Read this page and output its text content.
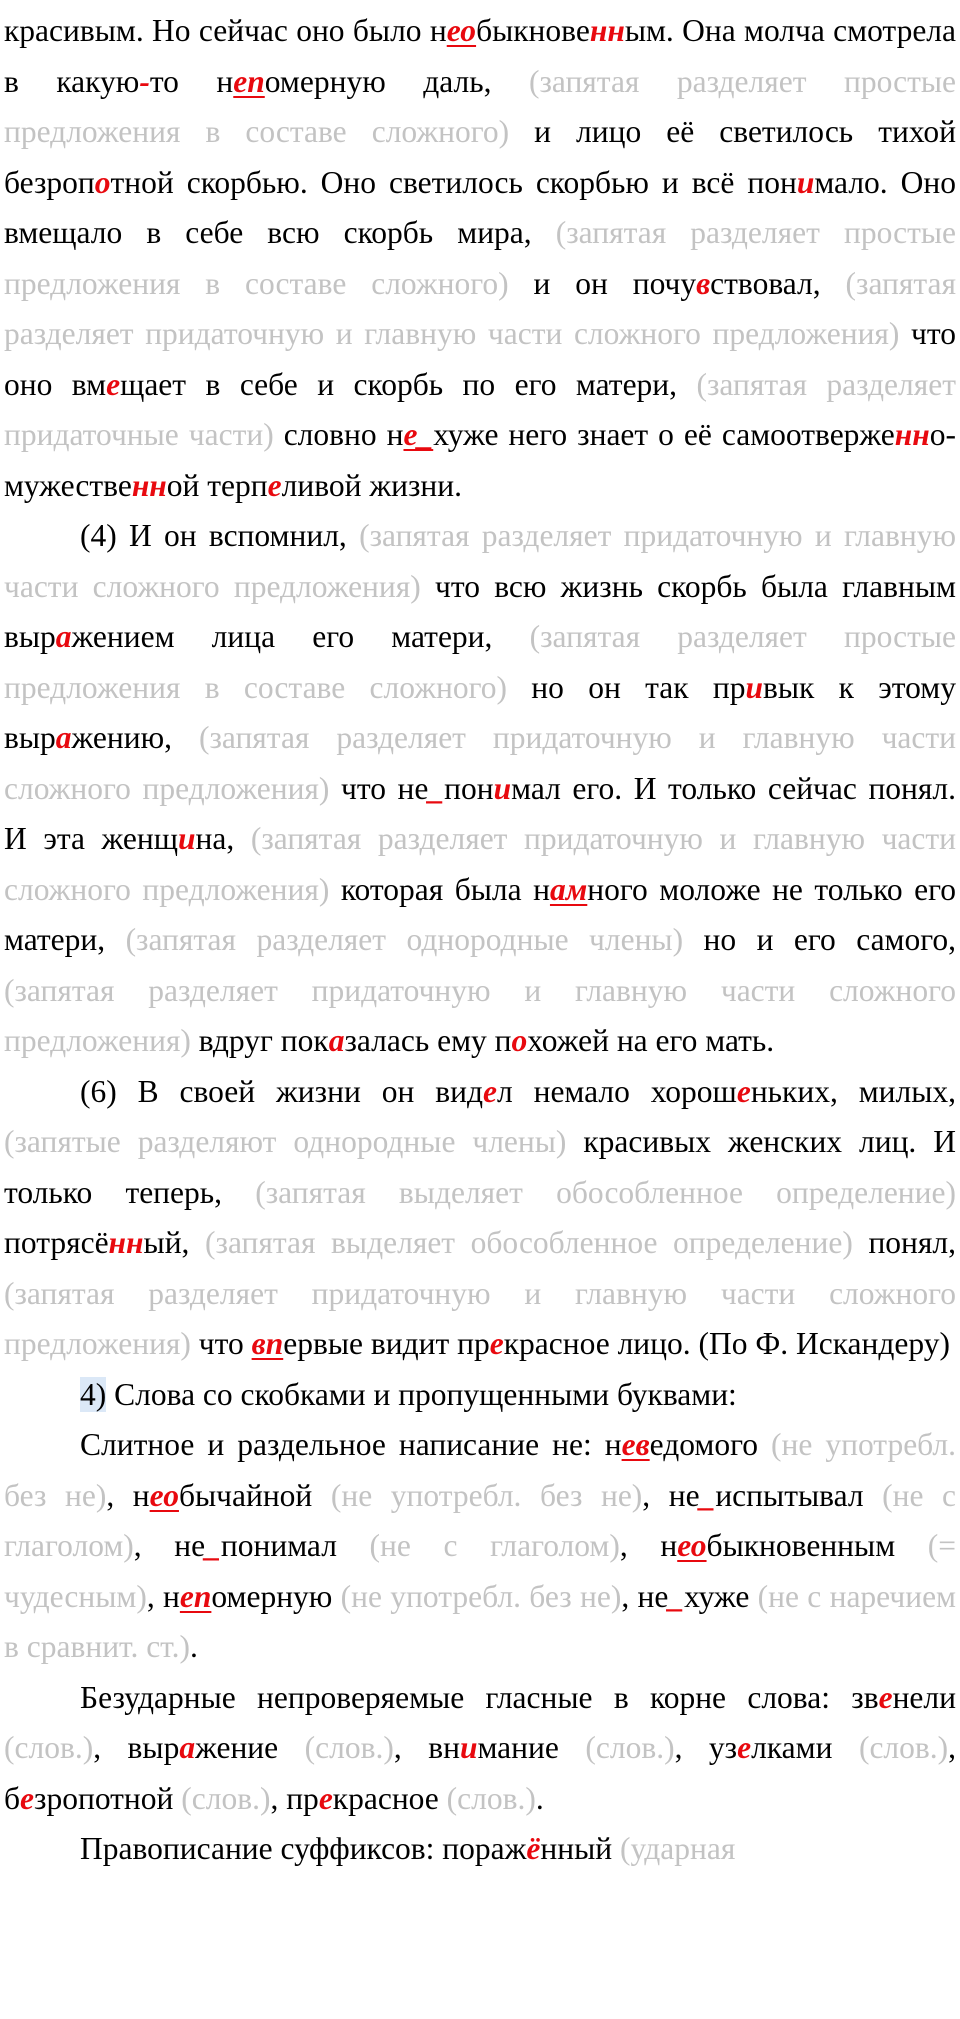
красивым. Но сейчас оно было необыкновенным. Она молча смотрела в какую-то непомерную даль, (запятая разделяет простые предложения в составе сложного) и лицо её светилось тихой безропотной скорбью. Оно светилось скорбью и всё понимало. Оно вмещало в себе всю скорбь мира, (запятая разделяет простые предложения в составе сложного) и он почувствовал, (запятая разделяет придаточную и главную части сложного предложения) что оно вмещает в себе и скорбь по его матери, (запятая разделяет придаточные части) словно не_хуже него знает о её самоотверженно-мужественной терпеливой жизни.

(4) И он вспомнил, (запятая разделяет придаточную и главную части сложного предложения) что всю жизнь скорбь была главным выражением лица его матери, (запятая разделяет простые предложения в составе сложного) но он так привык к этому выражению, (запятая разделяет придаточную и главную части сложного предложения) что не_понимал его. И только сейчас понял. И эта женщина, (запятая разделяет придаточную и главную части сложного предложения) которая была намного моложе не только его матери, (запятая разделяет однородные члены) но и его самого, (запятая разделяет придаточную и главную части сложного предложения) вдруг показалась ему похожей на его мать.

(6) В своей жизни он видел немало хорошеньких, милых, (запятые разделяют однородные члены) красивых женских лиц. И только теперь, (запятая выделяет обособленное определение) потрясённый, (запятая выделяет обособленное определение) понял, (запятая разделяет придаточную и главную части сложного предложения) что впервые видит прекрасное лицо. (По Ф. Искандеру)

4) Слова со скобками и пропущенными буквами:

Слитное и раздельное написание не: неведомого (не употребл. без не), необычайной (не употребл. без не), не_испытывал (не с глаголом), не_понимал (не с глаголом), необыкновенным (= чудесным), непомерную (не употребл. без не), не_хуже (не с наречием в сравнит. ст.).

Безударные непроверяемые гласные в корне слова: звенели (слов.), выражение (слов.), внимание (слов.), узелками (слов.), безропотной (слов.), прекрасное (слов.).

Правописание суффиксов: поражённый (ударная
